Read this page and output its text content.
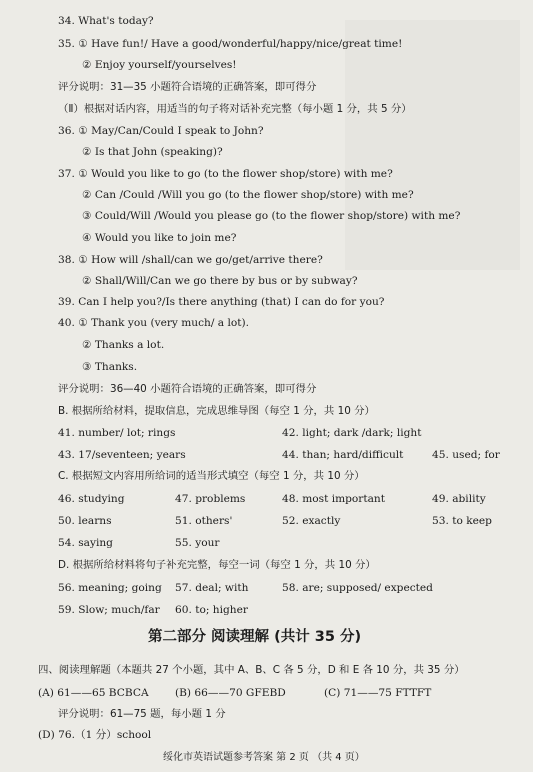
34. What's today?
35. ① Have fun!/ Have a good/wonderful/happy/nice/great time!
② Enjoy yourself/yourselves!
评分说明：31—35 小题符合语境的正确答案，即可得分
（Ⅱ）根据对话内容，用适当的句子将对话补充完整（每小题 1 分，共 5 分）
36. ① May/Can/Could I speak to John?
② Is that John (speaking)?
37. ① Would you like to go (to the flower shop/store) with me?
② Can /Could /Will you go (to the flower shop/store) with me?
③ Could/Will /Would you please go (to the flower shop/store) with me?
④ Would you like to join me?
38. ① How will /shall/can we go/get/arrive there?
② Shall/Will/Can we go there by bus or by subway?
39. Can I help you?/Is there anything (that) I can do for you?
40. ① Thank you (very much/ a lot).
② Thanks a lot.
③ Thanks.
评分说明：36—40 小题符合语境的正确答案，即可得分
B. 根据所给材料，提取信息，完成思维导图（每空 1 分，共 10 分）
41. number/ lot; rings	42. light; dark /dark; light
43. 17/seventeen; years	44. than; hard/difficult	45. used; for
C. 根据短文内容用所给词的适当形式填空（每空 1 分，共 10 分）
46. studying	47. problems	48. most important	49. ability
50. learns	51. others'	52. exactly	53. to keep
54. saying	55. your
D. 根据所给材料将句子补充完整，每空一词（每空 1 分，共 10 分）
56. meaning; going 57. deal; with	58. are; supposed/ expected
59. Slow; much/far 60. to; higher
第二部分 阅读理解 (共计 35 分)
四、阅读理解题（本题共 27 个小题，其中 A、B、C 各 5 分，D 和 E 各 10 分，共 35 分）
(A) 61——65 BCBCA (B) 66——70 GFEBD	(C) 71——75 FTTFT
评分说明：61—75 题，每小题 1 分
(D) 76.（1 分）school
绥化市英语试题参考答案 第 2 页 （共 4 页）
